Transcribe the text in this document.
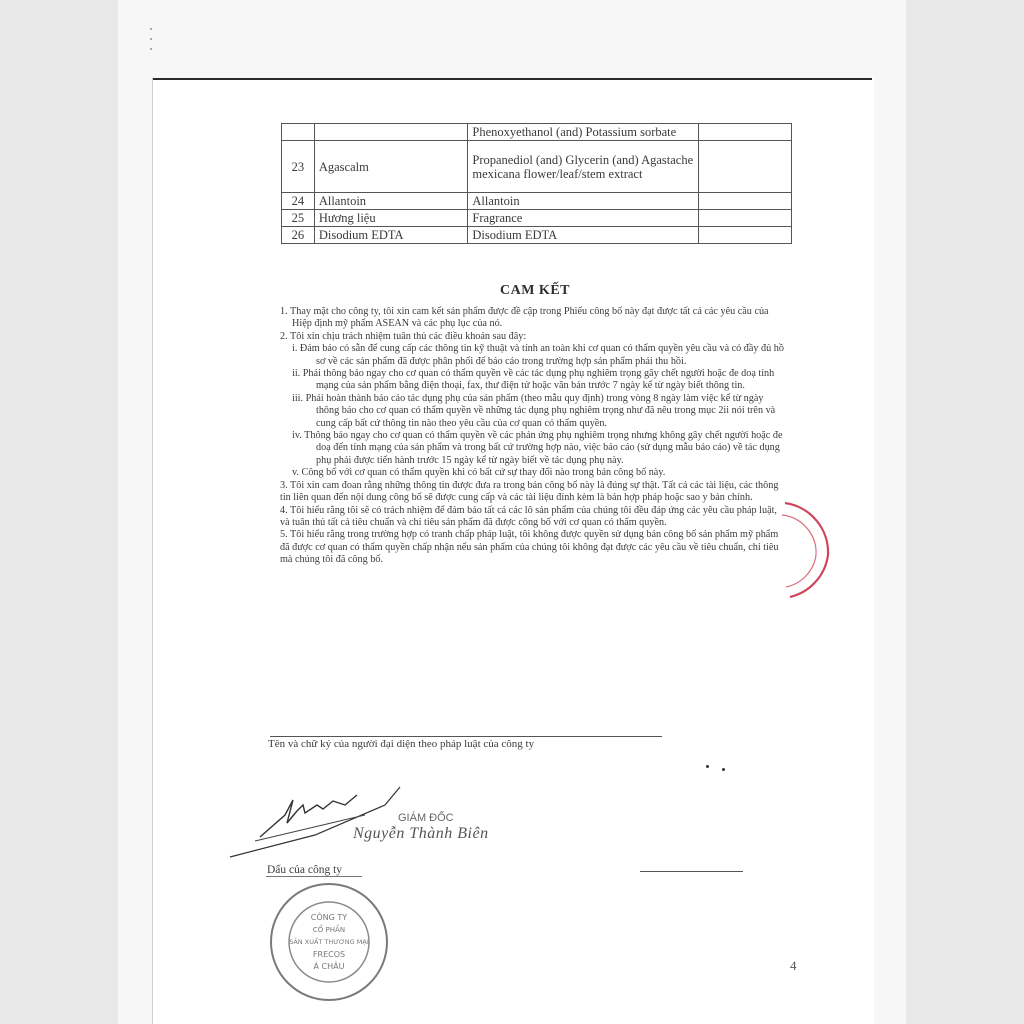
		Phenoxyethanol (and) Potassium sorbate	
23	Agascalm	Propanediol (and) Glycerin (and) Agastache mexicana flower/leaf/stem extract	
24	Allantoin	Allantoin	
25	Hương liệu	Fragrance	
26	Disodium EDTA	Disodium EDTA	
CAM KẾT

1. Thay mặt cho công ty, tôi xin cam kết sản phẩm được đề cập trong Phiếu công bố này đạt được tất cả các yêu cầu của Hiệp định mỹ phẩm ASEAN và các phụ lục của nó.

2. Tôi xin chịu trách nhiệm tuân thủ các điều khoản sau đây:

i. Đảm bảo có sẵn để cung cấp các thông tin kỹ thuật và tính an toàn khi cơ quan có thẩm quyền yêu cầu và có đầy đủ hồ sơ về các sản phẩm đã được phân phối để báo cáo trong trường hợp sản phẩm phải thu hồi.

ii. Phải thông báo ngay cho cơ quan có thẩm quyền về các tác dụng phụ nghiêm trọng gây chết người hoặc đe doạ tính mạng của sản phẩm bằng điện thoại, fax, thư điện tử hoặc văn bản trước 7 ngày kể từ ngày biết thông tin.

iii. Phải hoàn thành báo cáo tác dụng phụ của sản phẩm (theo mẫu quy định) trong vòng 8 ngày làm việc kể từ ngày thông báo cho cơ quan có thẩm quyền về những tác dụng phụ nghiêm trọng như đã nêu trong mục 2ii nói trên và cung cấp bất cứ thông tin nào theo yêu cầu của cơ quan có thẩm quyền.

iv. Thông báo ngay cho cơ quan có thẩm quyền về các phản ứng phụ nghiêm trọng nhưng không gây chết người hoặc đe doạ đến tính mạng của sản phẩm và trong bất cứ trường hợp nào, việc báo cáo (sử dụng mẫu báo cáo) về tác dụng phụ phải được tiến hành trước 15 ngày kể từ ngày biết về tác dụng phụ này.

v. Công bố với cơ quan có thẩm quyền khi có bất cứ sự thay đổi nào trong bản công bố này.

3. Tôi xin cam đoan rằng những thông tin được đưa ra trong bản công bố này là đúng sự thật. Tất cả các tài liệu, các thông tin liên quan đến nội dung công bố sẽ được cung cấp và các tài liệu đính kèm là bản hợp pháp hoặc sao y bản chính.

4. Tôi hiểu rằng tôi sẽ có trách nhiệm để đảm bảo tất cả các lô sản phẩm của chúng tôi đều đáp ứng các yêu cầu pháp luật, và tuân thủ tất cả tiêu chuẩn và chỉ tiêu sản phẩm đã được công bố với cơ quan có thẩm quyền.

5. Tôi hiểu rằng trong trường hợp có tranh chấp pháp luật, tôi không được quyền sử dụng bản công bố sản phẩm mỹ phẩm đã được cơ quan có thẩm quyền chấp nhận nếu sản phẩm của chúng tôi không đạt được các yêu cầu về tiêu chuẩn, chỉ tiêu mà chúng tôi đã công bố.

Tên và chữ ký của người đại diện theo pháp luật của công ty
GIÁM ĐỐC
Nguyễn Thành Biên
Dấu của công ty
CÔNG TY
CỔ PHẦN
SẢN XUẤT THƯƠNG MẠI
FRECOS
Á CHÂU	4
